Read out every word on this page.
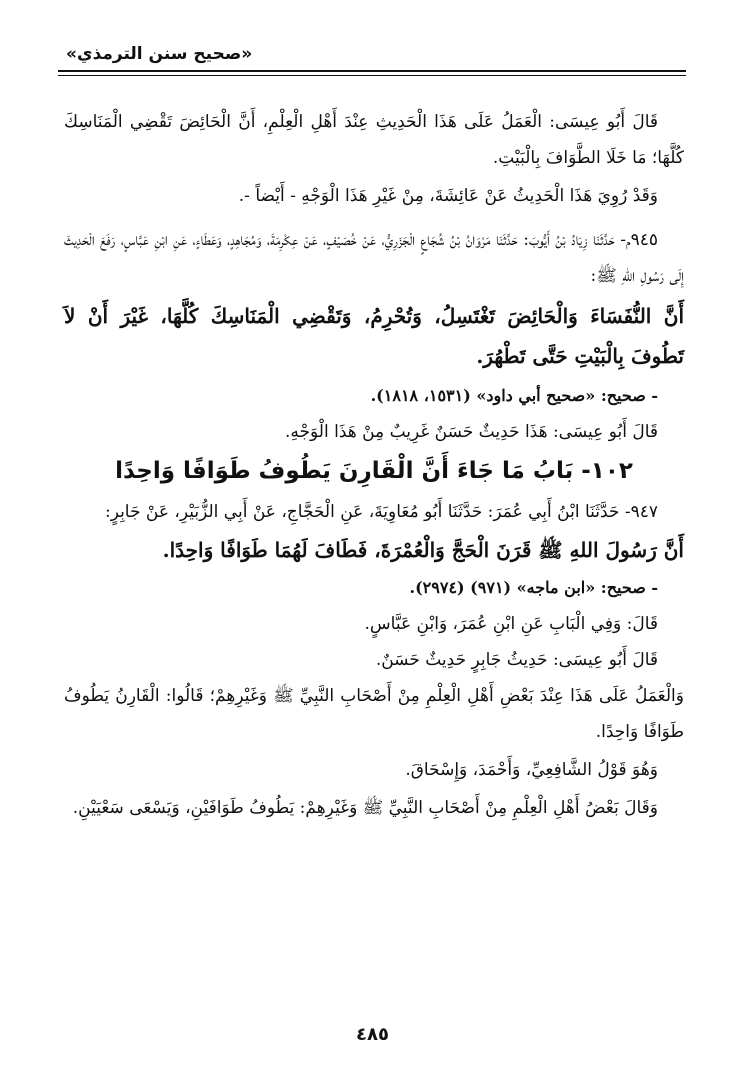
«صحيح سنن الترمذي»

قَالَ أَبُو عِيسَى: الْعَمَلُ عَلَى هَذَا الْحَدِيثِ عِنْدَ أَهْلِ الْعِلْمِ، أَنَّ الْحَائِضَ تَقْضِي الْمَنَاسِكَ كُلَّهَا؛ مَا خَلَا الطَّوَافَ بِالْبَيْتِ.

وَقَدْ رُوِيَ هَذَا الْحَدِيثُ عَنْ عَائِشَةَ، مِنْ غَيْرِ هَذَا الْوَجْهِ - أَيْضاً -.

٩٤٥م- حَدَّثَنَا زِيَادُ بْنُ أَيُّوبَ: حَدَّثَنَا مَرْوَانُ بْنُ شُجَاعٍ الْجَزَرِيُّ، عَنْ خُصَيْفٍ، عَنْ عِكْرِمَةَ، وَمُجَاهِدٍ، وَعَطَاءٍ، عَنِ ابْنِ عَبَّاسٍ، رَفَعَ الْحَدِيثَ إِلَى رَسُولِ اللهِ ﷺ:

أَنَّ النُّفَسَاءَ وَالْحَائِضَ تَغْتَسِلُ، وَتُحْرِمُ، وَتَقْضِي الْمَنَاسِكَ كُلَّهَا، غَيْرَ أَنْ لاَ تَطُوفَ بِالْبَيْتِ حَتَّى تَطْهُرَ.

- صحيح: «صحيح أبي داود» (١٥٣١، ١٨١٨).

قَالَ أَبُو عِيسَى: هَذَا حَدِيثٌ حَسَنٌ غَرِيبٌ مِنْ هَذَا الْوَجْهِ.

١٠٢- بَابُ مَا جَاءَ أَنَّ الْقَارِنَ يَطُوفُ طَوَافًا وَاحِدًا

٩٤٧- حَدَّثَنَا ابْنُ أَبِي عُمَرَ: حَدَّثَنَا أَبُو مُعَاوِيَةَ، عَنِ الْحَجَّاجِ، عَنْ أَبِي الزُّبَيْرِ، عَنْ جَابِرٍ:

أَنَّ رَسُولَ اللهِ ﷺ قَرَنَ الْحَجَّ وَالْعُمْرَةَ، فَطَافَ لَهُمَا طَوَافًا وَاحِدًا.

- صحيح: «ابن ماجه» (٩٧١) (٢٩٧٤).

قَالَ: وَفِي الْبَابِ عَنِ ابْنِ عُمَرَ، وَابْنِ عَبَّاسٍ.

قَالَ أَبُو عِيسَى: حَدِيثُ جَابِرٍ حَدِيثٌ حَسَنٌ.

وَالْعَمَلُ عَلَى هَذَا عِنْدَ بَعْضِ أَهْلِ الْعِلْمِ مِنْ أَصْحَابِ النَّبِيِّ ﷺ وَغَيْرِهِمْ؛ قَالُوا: الْقَارِنُ يَطُوفُ طَوَافًا وَاحِدًا.

وَهُوَ قَوْلُ الشَّافِعِيِّ، وَأَحْمَدَ، وَإِسْحَاقَ.

وَقَالَ بَعْضُ أَهْلِ الْعِلْمِ مِنْ أَصْحَابِ النَّبِيِّ ﷺ وَغَيْرِهِمْ: يَطُوفُ طَوَافَيْنِ، وَيَسْعَى سَعْيَيْنِ.

٤٨٥
